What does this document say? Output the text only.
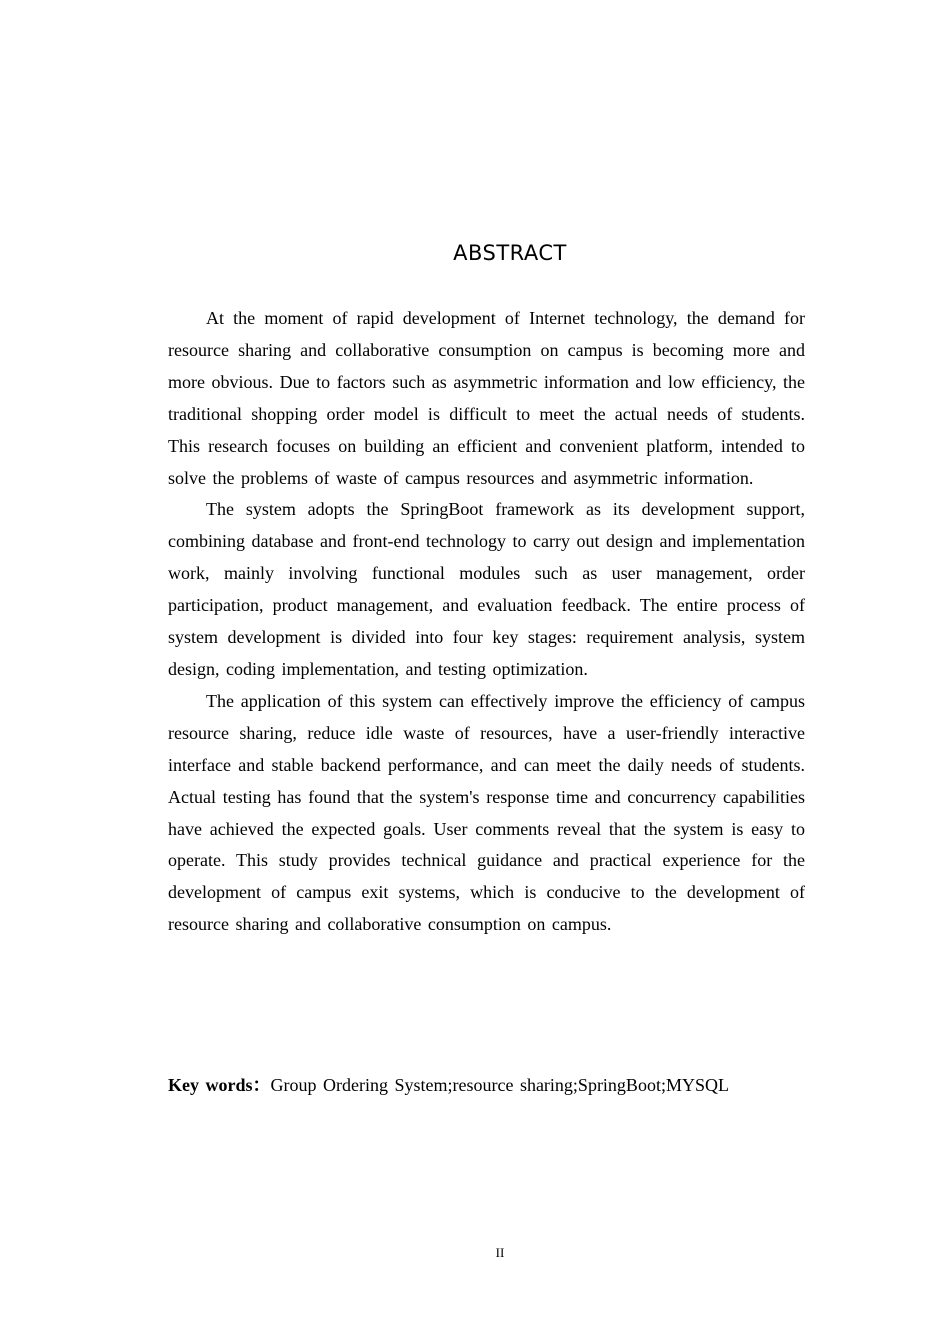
ABSTRACT

At the moment of rapid development of Internet technology, the demand for resource sharing and collaborative consumption on campus is becoming more and more obvious. Due to factors such as asymmetric information and low efficiency, the traditional shopping order model is difficult to meet the actual needs of students. This research focuses on building an efficient and convenient platform, intended to solve the problems of waste of campus resources and asymmetric information.

The system adopts the SpringBoot framework as its development support, combining database and front-end technology to carry out design and implementation work, mainly involving functional modules such as user management, order participation, product management, and evaluation feedback. The entire process of system development is divided into four key stages: requirement analysis, system design, coding implementation, and testing optimization.

The application of this system can effectively improve the efficiency of campus resource sharing, reduce idle waste of resources, have a user-friendly interactive interface and stable backend performance, and can meet the daily needs of students. Actual testing has found that the system's response time and concurrency capabilities have achieved the expected goals. User comments reveal that the system is easy to operate. This study provides technical guidance and practical experience for the development of campus exit systems, which is conducive to the development of resource sharing and collaborative consumption on campus.

Key words：Group Ordering System;resource sharing;SpringBoot;MYSQL
II
